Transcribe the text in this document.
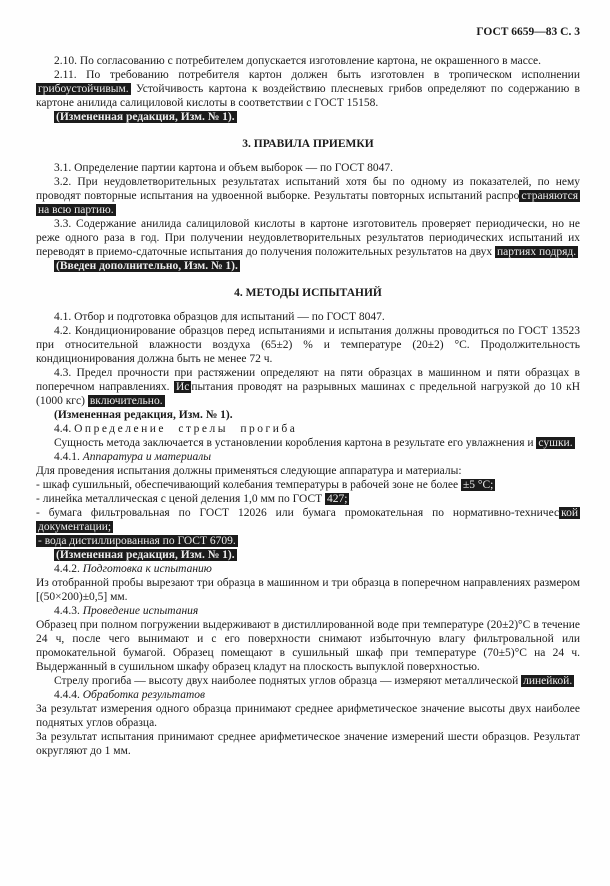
ГОСТ 6659—83 С. 3
2.10. По согласованию с потребителем допускается изготовление картона, не окрашенного в массе.
2.11. По требованию потребителя картон должен быть изготовлен в тропическом исполнении грибоустойчивым. Устойчивость картона к воздействию плесневых грибов определяют по содержанию в картоне анилида салициловой кислоты в соответствии с ГОСТ 15158.
(Измененная редакция, Изм. № 1).
3. ПРАВИЛА ПРИЕМКИ
3.1. Определение партии картона и объем выборок — по ГОСТ 8047.
3.2. При неудовлетворительных результатах испытаний хотя бы по одному из показателей, по нему проводят повторные испытания на удвоенной выборке. Результаты повторных испытаний распро страняются на всю партию.
3.3. Содержание анилида салициловой кислоты в картоне изготовитель проверяет периодически, но не реже одного раза в год. При получении неудовлетворительных результатов периодических испытаний их переводят в приемо-сдаточные испытания до получения положительных результатов на двух партиях подряд.
(Введен дополнительно, Изм. № 1).
4. МЕТОДЫ ИСПЫТАНИЙ
4.1. Отбор и подготовка образцов для испытаний — по ГОСТ 8047.
4.2. Кондиционирование образцов перед испытаниями и испытания должны проводиться по ГОСТ 13523 при относительной влажности воздуха (65±2) % и температуре (20±2) °С. Продолжительность кондиционирования должна быть не менее 72 ч.
4.3. Предел прочности при растяжении определяют на пяти образцах в машинном и пяти образцах в поперечном направлениях. Ис пытания проводят на разрывных машинах с предельной нагрузкой до 10 кН (1000 кгс) включительно.
(Измененная редакция, Изм. № 1).
4.4. Определение стрелы прогиба
Сущность метода заключается в установлении коробления картона в результате его увлажнения и сушки.
4.4.1. Аппаратура и материалы
Для проведения испытания должны применяться следующие аппаратура и материалы:
- шкаф сушильный, обеспечивающий колебания температуры в рабочей зоне не более ±5 °С;
- линейка металлическая с ценой деления 1,0 мм по ГОСТ 427;
- бумага фильтровальная по ГОСТ 12026 или бумага промокательная по нормативно-техничес кой документации;
- вода дистиллированная по ГОСТ 6709.
(Измененная редакция, Изм. № 1).
4.4.2. Подготовка к испытанию
Из отобранной пробы вырезают три образца в машинном и три образца в поперечном направлениях размером [(50×200)±0,5] мм.
4.4.3. Проведение испытания
Образец при полном погружении выдерживают в дистиллированной воде при температуре (20±2)°С в течение 24 ч, после чего вынимают и с его поверхности снимают избыточную влагу фильтровальной или промокательной бумагой. Образец помещают в сушильный шкаф при температуре (70±5)°С на 24 ч. Выдержанный в сушильном шкафу образец кладут на плоскость выпуклой поверхностью.
Стрелу прогиба — высоту двух наиболее поднятых углов образца — измеряют металлической линейкой.
4.4.4. Обработка результатов
За результат измерения одного образца принимают среднее арифметическое значение высоты двух наиболее поднятых углов образца.
За результат испытания принимают среднее арифметическое значение измерений шести образцов. Результат округляют до 1 мм.
